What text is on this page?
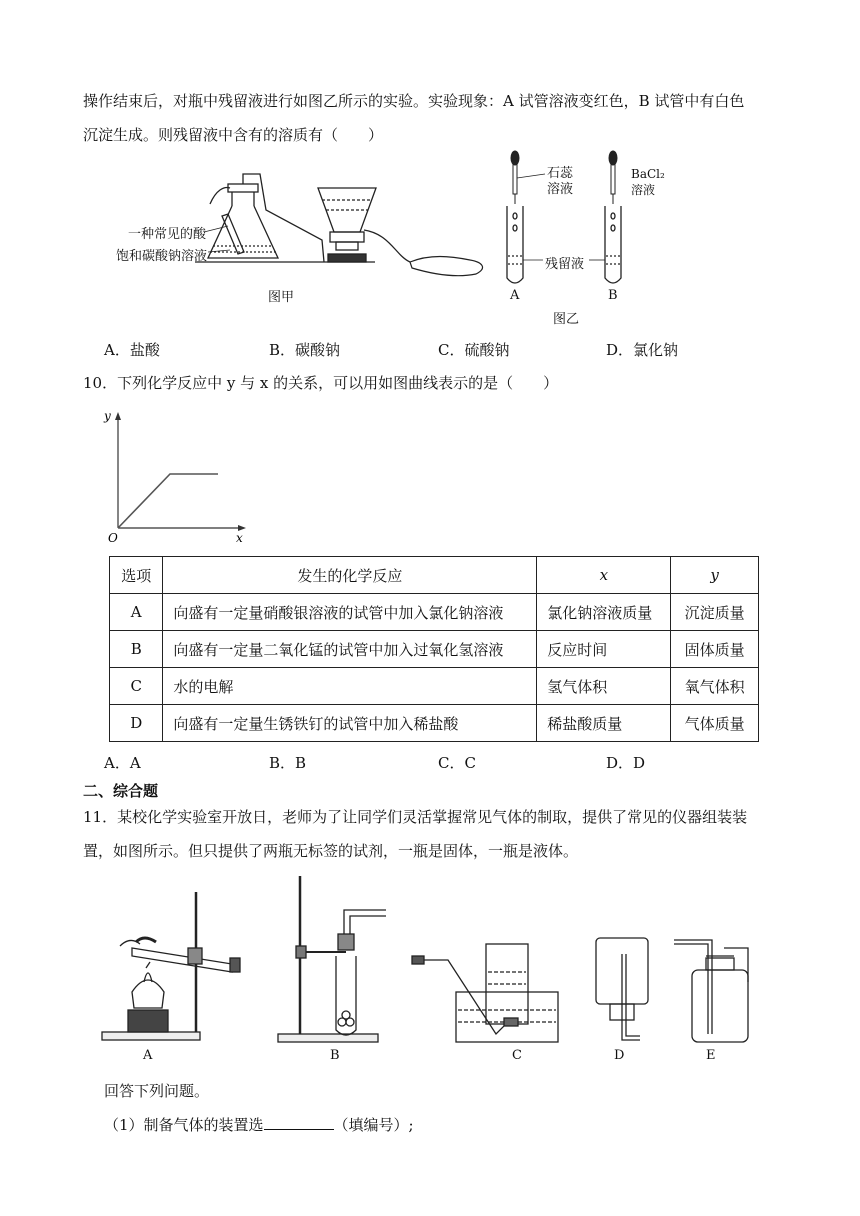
操作结束后，对瓶中残留液进行如图乙所示的实验。实验现象：A 试管溶液变红色，B 试管中有白色
沉淀生成。则残留液中含有的溶质有（　　）
一种常见的酸
饱和碳酸钠溶液
图甲
石蕊
溶液
BaCl₂
溶液
残留液
A	B
图乙
A．盐酸	B．碳酸钠	C．硫酸钠	D．氯化钠
10．下列化学反应中 y 与 x 的关系，可以用如图曲线表示的是（　　）
y
x
O
选项	发生的化学反应	x	y
A	向盛有一定量硝酸银溶液的试管中加入氯化钠溶液	氯化钠溶液质量	沉淀质量
B	向盛有一定量二氧化锰的试管中加入过氧化氢溶液	反应时间	固体质量
C	水的电解	氢气体积	氧气体积
D	向盛有一定量生锈铁钉的试管中加入稀盐酸	稀盐酸质量	气体质量
A．A	B．B	C．C	D．D
二、综合题
11．某校化学实验室开放日，老师为了让同学们灵活掌握常见气体的制取，提供了常见的仪器组装装
置，如图所示。但只提供了两瓶无标签的试剂，一瓶是固体，一瓶是液体。
A	B	C	D	E
回答下列问题。
（1）制备气体的装置选	（填编号）;
